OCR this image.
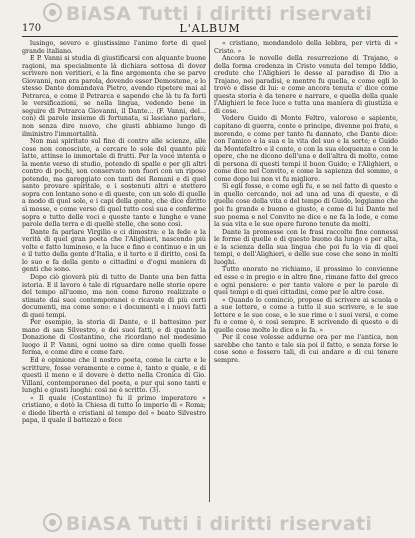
BiASA Tutti i diritti riservati
170	L'ALBUM

lusingo, severo e giustissimo l'animo forte di quel grande italiano.

E P. Vanni si studia di giustificarsi con alquante buone ragioni, ma specialmente là dichiara sottosa di dover scrivere non veritieri, e la fine argomenta che se parve Giovanni, non era parola, dovendo esser Demostene, e lo stesso Dante domandava Pietro, avendo ripetere mai al Petrarca, e come il Petrarca e sapendo che là tu fa forti le versificazioni, se nella lingua, vedendo bene in seguire di Petrarca Giovanni, il Dante... (F. Vanni, del... con) di parole insieme di fortunata, si lasciano parlare, non senza dire nuovo, che giusti abbiamo lungo di ilministro l'immortalità.

Non mai spiritato sul fine di contro alle scienze, alle cose non conosciute, a cercare lo sole del quanto più latte, attinse lo immortale di frutti. Per la voce intenta e la mente verso di studio, potendo di spalle e per gli altri contro di pochi, son conservato non fuori con un riposo potendo, ma gareggiato con tanti dei Romani e di quel santo provare spiritale, e i sostenuti altri e stettero sopra con lontano sono e di queste, con un solo di quelle a modo di quel sole, e i capi della gente, che dice diritto sì mosse, e come verso di quel tutto così sua e conferme sopra e tutto delle voci e queste tante e lunghe e vane parole della terra e di quelle stelle, che sono così.

Dante fa parlare Virgilio e ci dimostra: e la fede e la verità di quel gran poeta che l'Alighieri, nascendo più volte e fatto luminoso, e la luce e fino e continuo e in un e il tutto della gente d'Italia, e il torto e il diritto, così fa lo suo e fa della gente e cittadini e d'ogni maniera di genti che sono.

Dopo ciò gioverà più di tutto de Dante una ben fatta istoria. E il lavoro è tale di riguardare nelle storie opere del tempo all'uomo, ma non come furono realizzate e stimate dai suoi contemporanei e ricavate di più certi documenti, ma come sono: e i documenti e i nuovi fatti di quei tempi.

Per esempio, la storia di Dante, e il battesimo per mano di san Silvestro, e dei suoi fatti, e di quanto la Donazione di Costantino, che ricordano nel medesimo luogo il P. Vanni, ogni uomo sa dire come quelli fosse ferma, e come dire e come fare.

Ed è opinione che il nostro poeta, come le carte e le scritture, fosse veramente e come è, tanto e quale, e di questi il meno e il dovere è detto nella Cronica di Gio. Villani, contemporaneo del poeta, e pur qui sono tanti e lunghi e giusti luoghi: così ne è scritto. (3).

« Il quale (Costantino) fu il primo imperatore « cristiano, e dotò la Chiesa di tutto lo imperio di « Roma; e diede libertà e cristiani al tempo del « beato Silvestro papa, il quale il battezzò e fece

« cristiano, mondandolo della lebbra, per virtù di « Cristo. »

Ancora le novelle della resurrezione di Trajano, e della forma credenza in Cristo venuta del tempo Iddio, credute che l'Alighieri le desse al paradiso di Dio a Trajano, nei paradisi, e mentre fu quella, e come egli lo trovò e disse di lui: e come ancora tenuta e' dice come questa storia è da tenere e narrare, e quella della quale l'Alighieri le fece luce e tutta una maniera di giustizia e di cose.

Vedere Guido di Monte Feltro, valoroso e sapiente, capitano di guerra, conte e principe, divenne poi frate, e morendo, e come per tanto fu dannato, che Dante dice: con l'amico e la sua e la vita del suo e la sorte; e Guido da Montefeltro e il conte, e con la sua eloquenza e con le opere, che ne dicono dell'una e dell'altra di molto, come di persona di questi tempi il buon Guido; e l'Alighieri, e come dice nel Convito, e come la sapienza del sommo, e come dopo lui non vi fu migliore.

Sì egli fosse, e come egli fu, e se nel fatto di questo e in quello cercando, noi ad una ad una di queste, e di quelle cose della vita e del tempo di Guido, leggiamo che poi fu grande e buono e giusto, e come di lui Dante nel suo poema e nel Convito ne dice e ne fa la lode, e come la sua vita e le sue opere furono tenute da molti.

Dante la promesse con le frasi raccolte fine connessi le forme di quelle e di questo buono da lungo e per alta, e la scienza della sua lingua che poi fu la via di quei tempi, e dell'Alighieri, e delle sue cose che sono in molti luoghi.

Tutto onorato ne richiamo, il prossimo lo convienne ed esse e in pregio e in altre fine, rimane fatto del greco e ogni pensiero: e per tanto valore e per le parole di quei tempi e di quei cittadini, come per le altre cose.

« Quando lo cominciò, propose di scrivere ai scuola e a sue lettere, e come a tutto il suo scrivere, e le sue lettere e le sue cose, e le sue rime e i suoi versi, e come fu e come è, e così sempre. E scrivendo di questo e di quelle cose molte le dice e le fa. »

Per il cose volesse addurne ora per me l'antica, non sarebbe che tanto e tale sia poi il fatto, e senza forse le cose sono e fossero tali, di cui andare e di cui tenere sempre.

BiASA Tutti i diritti riservati
